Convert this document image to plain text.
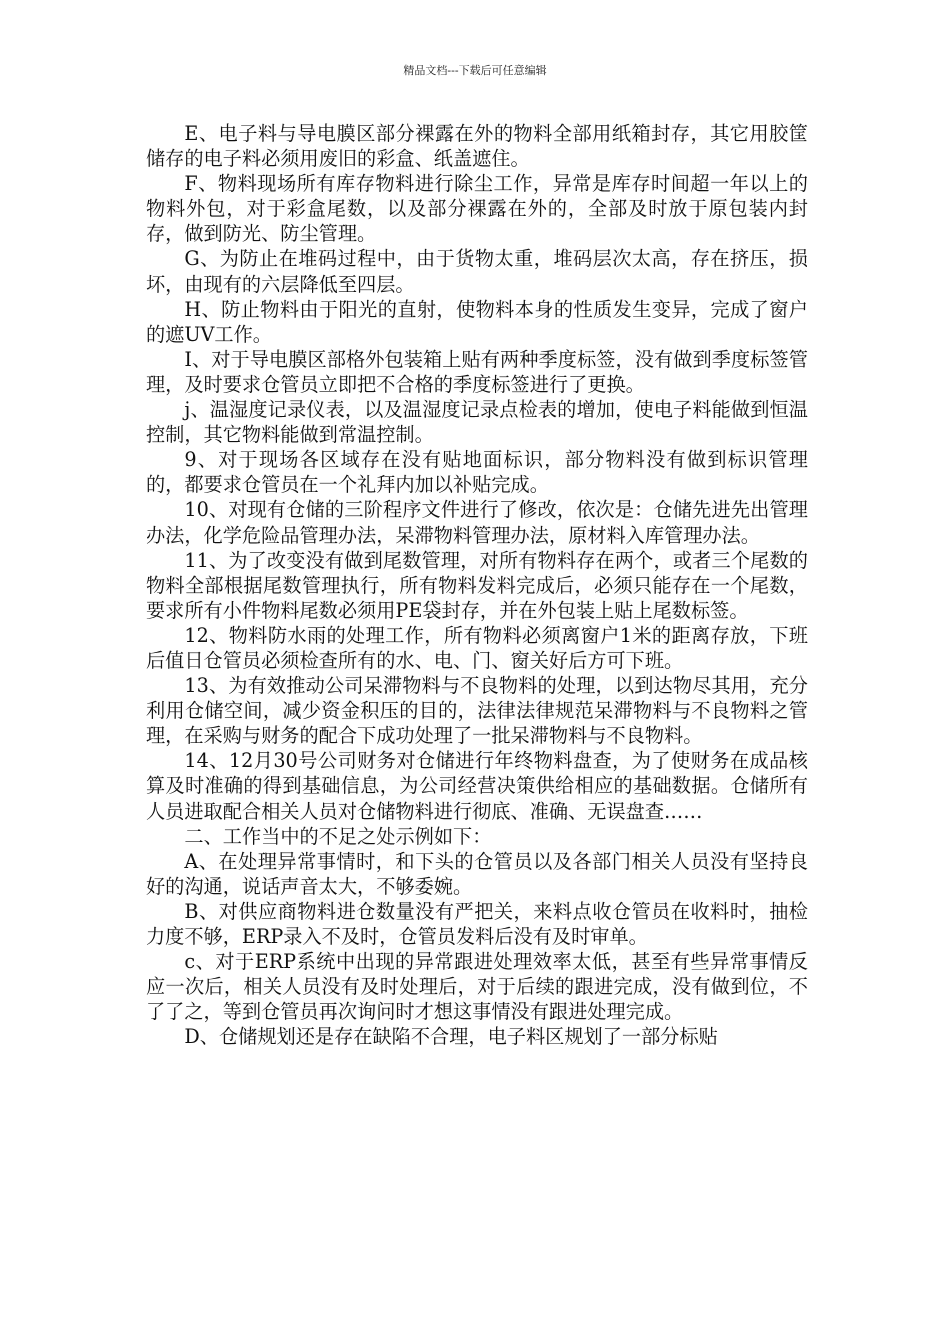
精品文档---下载后可任意编辑

E、电子料与导电膜区部分裸露在外的物料全部用纸箱封存，其它用胶筐储存的电子料必须用废旧的彩盒、纸盖遮住。

F、物料现场所有库存物料进行除尘工作，异常是库存时间超一年以上的物料外包，对于彩盒尾数，以及部分裸露在外的，全部及时放于原包装内封存，做到防光、防尘管理。

G、为防止在堆码过程中，由于货物太重，堆码层次太高，存在挤压，损坏，由现有的六层降低至四层。

H、防止物料由于阳光的直射，使物料本身的性质发生变异，完成了窗户的遮UV工作。

I、对于导电膜区部格外包装箱上贴有两种季度标签，没有做到季度标签管理，及时要求仓管员立即把不合格的季度标签进行了更换。

j、温湿度记录仪表，以及温湿度记录点检表的增加，使电子料能做到恒温控制，其它物料能做到常温控制。

9、对于现场各区域存在没有贴地面标识，部分物料没有做到标识管理的，都要求仓管员在一个礼拜内加以补贴完成。

10、对现有仓储的三阶程序文件进行了修改，依次是：仓储先进先出管理办法，化学危险品管理办法，呆滞物料管理办法，原材料入库管理办法。

11、为了改变没有做到尾数管理，对所有物料存在两个，或者三个尾数的物料全部根据尾数管理执行，所有物料发料完成后，必须只能存在一个尾数，要求所有小件物料尾数必须用PE袋封存，并在外包装上贴上尾数标签。

12、物料防水雨的处理工作，所有物料必须离窗户1米的距离存放，下班后值日仓管员必须检查所有的水、电、门、窗关好后方可下班。

13、为有效推动公司呆滞物料与不良物料的处理，以到达物尽其用，充分利用仓储空间，减少资金积压的目的，法律法律规范呆滞物料与不良物料之管理，在采购与财务的配合下成功处理了一批呆滞物料与不良物料。

14、12月30号公司财务对仓储进行年终物料盘查，为了使财务在成品核算及时准确的得到基础信息，为公司经营决策供给相应的基础数据。仓储所有人员进取配合相关人员对仓储物料进行彻底、准确、无误盘查……

二、工作当中的不足之处示例如下：

A、在处理异常事情时，和下头的仓管员以及各部门相关人员没有坚持良好的沟通，说话声音太大，不够委婉。

B、对供应商物料进仓数量没有严把关，来料点收仓管员在收料时，抽检力度不够，ERP录入不及时，仓管员发料后没有及时审单。

c、对于ERP系统中出现的异常跟进处理效率太低，甚至有些异常事情反应一次后，相关人员没有及时处理后，对于后续的跟进完成，没有做到位，不了了之，等到仓管员再次询问时才想这事情没有跟进处理完成。

D、仓储规划还是存在缺陷不合理，电子料区规划了一部分标贴
